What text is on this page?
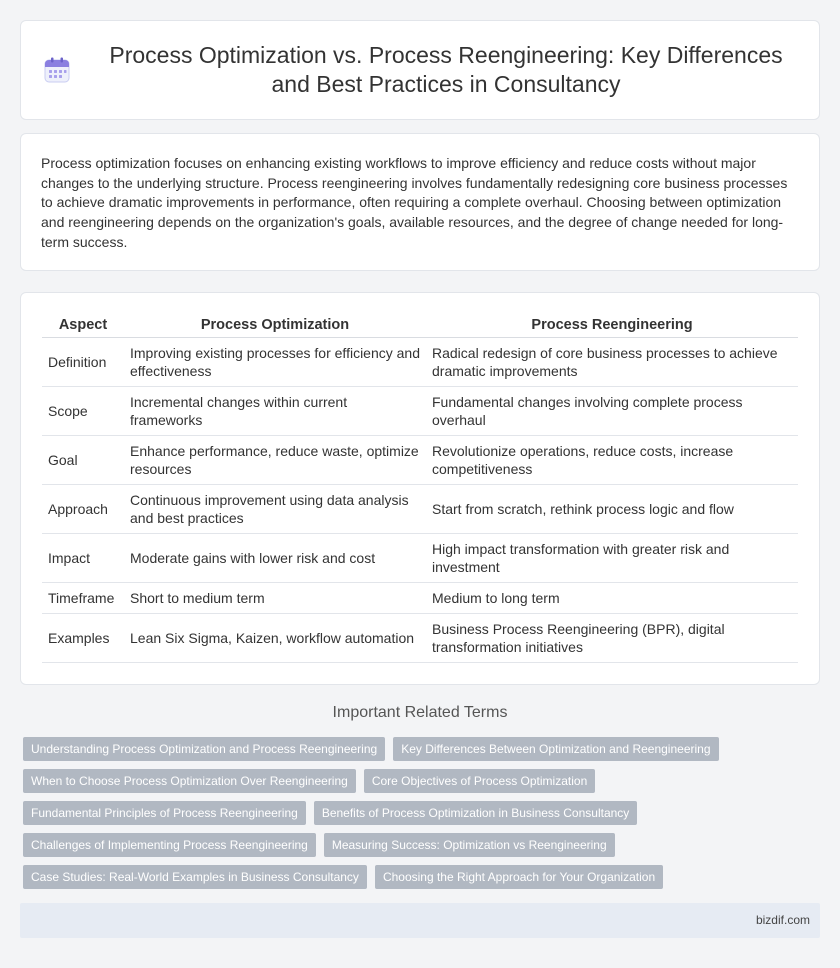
Process Optimization vs. Process Reengineering: Key Differences and Best Practices in Consultancy

Process optimization focuses on enhancing existing workflows to improve efficiency and reduce costs without major changes to the underlying structure. Process reengineering involves fundamentally redesigning core business processes to achieve dramatic improvements in performance, often requiring a complete overhaul. Choosing between optimization and reengineering depends on the organization's goals, available resources, and the degree of change needed for long-term success.

Aspect	Process Optimization	Process Reengineering
Definition	Improving existing processes for efficiency and effectiveness	Radical redesign of core business processes to achieve dramatic improvements
Scope	Incremental changes within current frameworks	Fundamental changes involving complete process overhaul
Goal	Enhance performance, reduce waste, optimize resources	Revolutionize operations, reduce costs, increase competitiveness
Approach	Continuous improvement using data analysis and best practices	Start from scratch, rethink process logic and flow
Impact	Moderate gains with lower risk and cost	High impact transformation with greater risk and investment
Timeframe	Short to medium term	Medium to long term
Examples	Lean Six Sigma, Kaizen, workflow automation	Business Process Reengineering (BPR), digital transformation initiatives
Important Related Terms
Understanding Process Optimization and Process Reengineering	Key Differences Between Optimization and Reengineering
When to Choose Process Optimization Over Reengineering	Core Objectives of Process Optimization
Fundamental Principles of Process Reengineering	Benefits of Process Optimization in Business Consultancy
Challenges of Implementing Process Reengineering	Measuring Success: Optimization vs Reengineering
Case Studies: Real-World Examples in Business Consultancy	Choosing the Right Approach for Your Organization
bizdif.com
